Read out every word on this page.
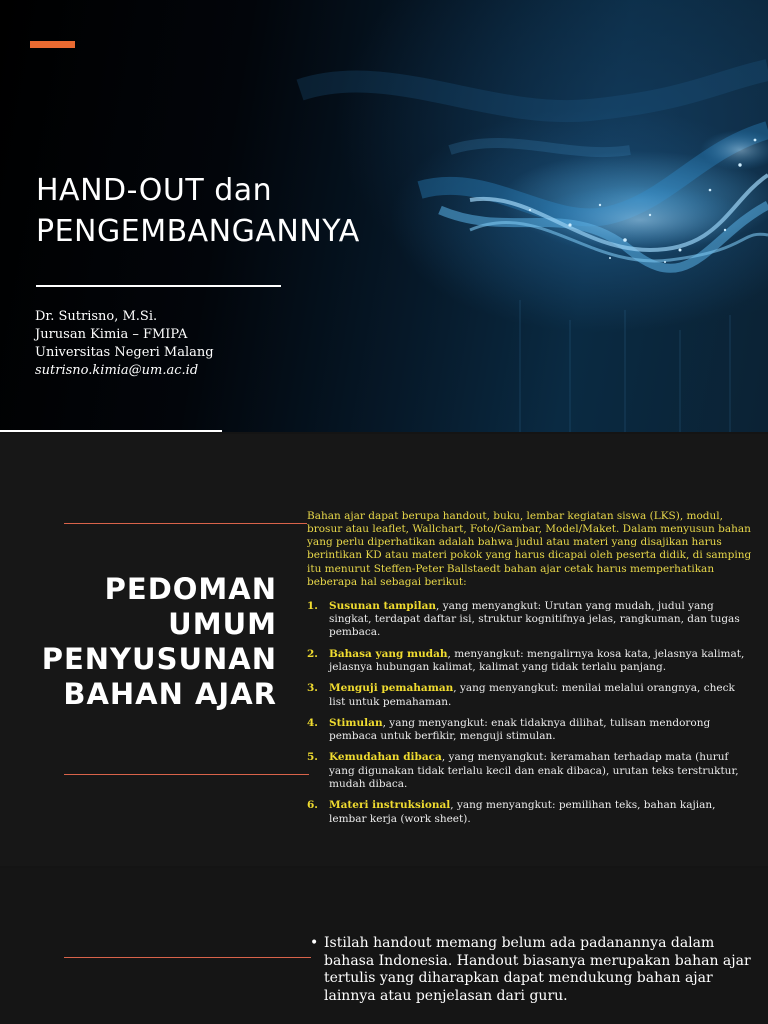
HAND-OUT dan
PENGEMBANGANNYA
Dr. Sutrisno, M.Si.
Jurusan Kimia – FMIPA
Universitas Negeri Malang
sutrisno.kimia@um.ac.id
PEDOMAN
UMUM
PENYUSUNAN
BAHAN AJAR

Bahan ajar dapat berupa handout, buku, lembar kegiatan siswa (LKS), modul, brosur atau leaflet, Wallchart, Foto/Gambar, Model/Maket. Dalam menyusun bahan yang perlu diperhatikan adalah bahwa judul atau materi yang disajikan harus berintikan KD atau materi pokok yang harus dicapai oleh peserta didik, di samping itu menurut Steffen-Peter Ballstaedt bahan ajar cetak harus memperhatikan beberapa hal sebagai berikut:

1. Susunan tampilan, yang menyangkut: Urutan yang mudah, judul yang singkat, terdapat daftar isi, struktur kognitifnya jelas, rangkuman, dan tugas pembaca.
2. Bahasa yang mudah, menyangkut: mengalirnya kosa kata, jelasnya kalimat, jelasnya hubungan kalimat, kalimat yang tidak terlalu panjang.
3. Menguji pemahaman, yang menyangkut: menilai melalui orangnya, check list untuk pemahaman.
4. Stimulan, yang menyangkut: enak tidaknya dilihat, tulisan mendorong pembaca untuk berfikir, menguji stimulan.
5. Kemudahan dibaca, yang menyangkut: keramahan terhadap mata (huruf yang digunakan tidak terlalu kecil dan enak dibaca), urutan teks terstruktur, mudah dibaca.
6. Materi instruksional, yang menyangkut: pemilihan teks, bahan kajian, lembar kerja (work sheet).
• Istilah handout memang belum ada padanannya dalam bahasa Indonesia. Handout biasanya merupakan bahan ajar tertulis yang diharapkan dapat mendukung bahan ajar lainnya atau penjelasan dari guru.
